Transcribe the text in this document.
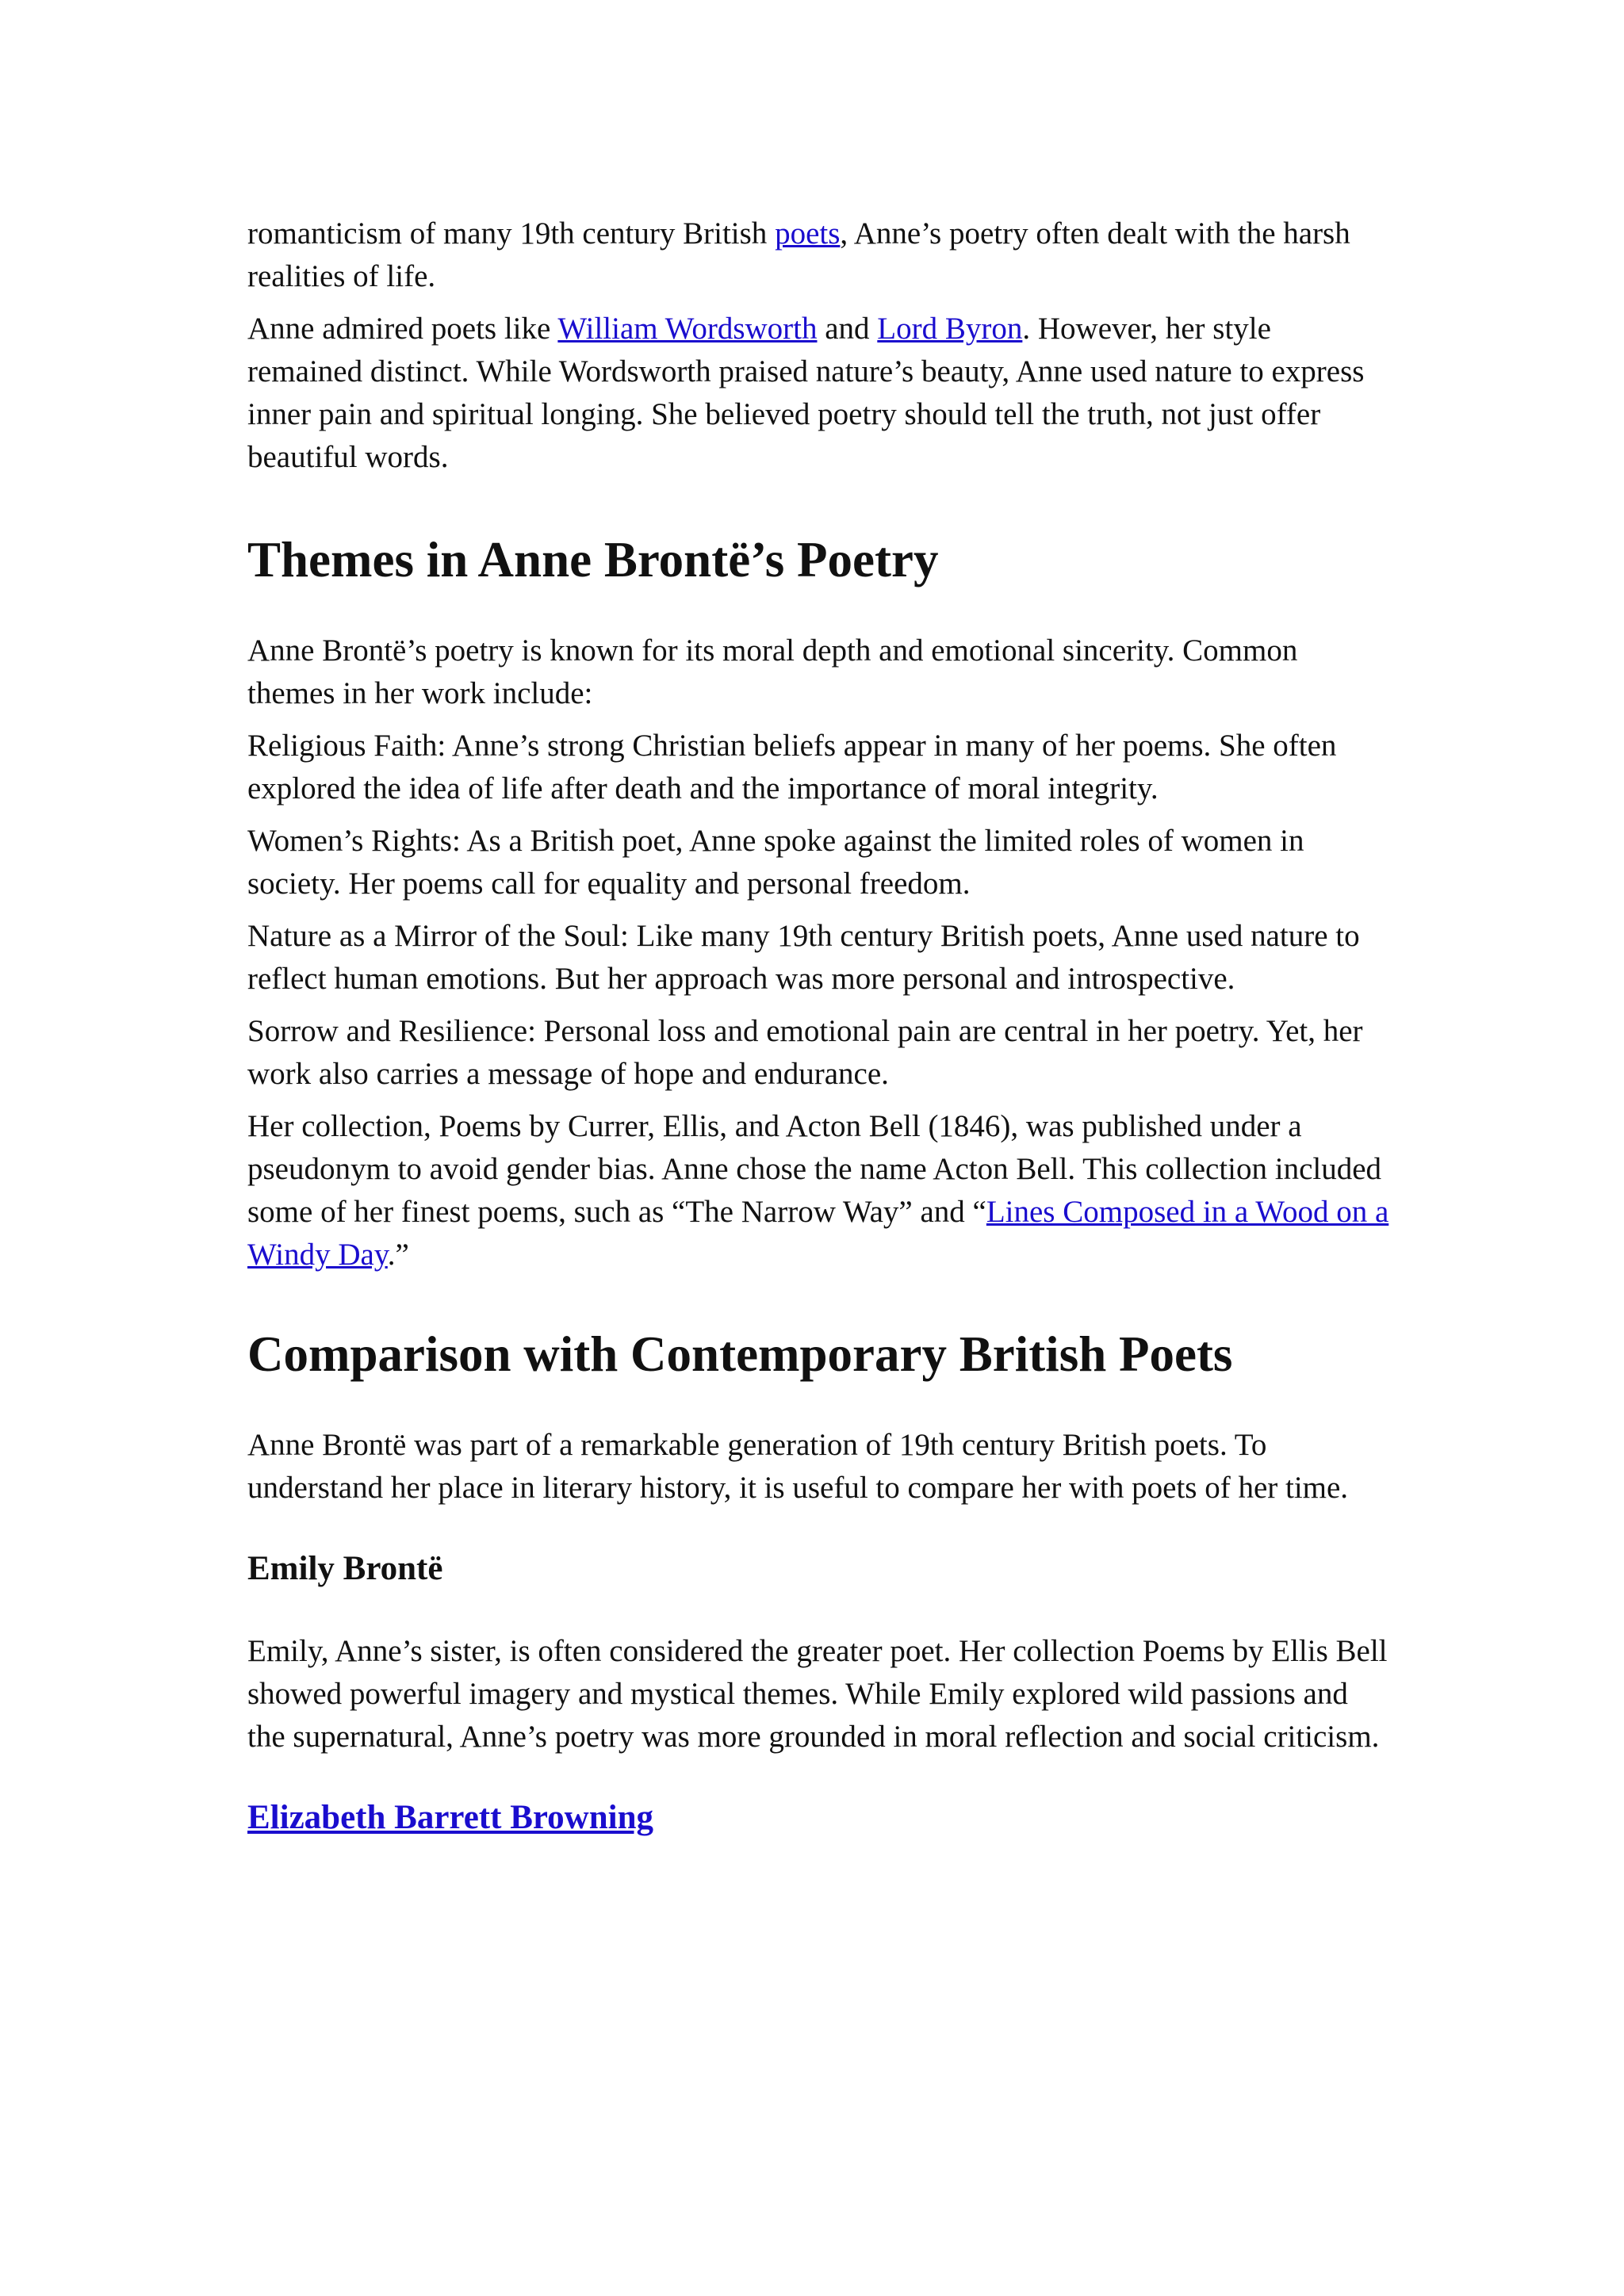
romanticism of many 19th century British poets, Anne’s poetry often dealt with the harsh realities of life.

Anne admired poets like William Wordsworth and Lord Byron. However, her style remained distinct. While Wordsworth praised nature’s beauty, Anne used nature to express inner pain and spiritual longing. She believed poetry should tell the truth, not just offer beautiful words.

Themes in Anne Brontë’s Poetry

Anne Brontë’s poetry is known for its moral depth and emotional sincerity. Common themes in her work include:

Religious Faith: Anne’s strong Christian beliefs appear in many of her poems. She often explored the idea of life after death and the importance of moral integrity.

Women’s Rights: As a British poet, Anne spoke against the limited roles of women in society. Her poems call for equality and personal freedom.

Nature as a Mirror of the Soul: Like many 19th century British poets, Anne used nature to reflect human emotions. But her approach was more personal and introspective.

Sorrow and Resilience: Personal loss and emotional pain are central in her poetry. Yet, her work also carries a message of hope and endurance.

Her collection, Poems by Currer, Ellis, and Acton Bell (1846), was published under a pseudonym to avoid gender bias. Anne chose the name Acton Bell. This collection included some of her finest poems, such as “The Narrow Way” and “Lines Composed in a Wood on a Windy Day.”

Comparison with Contemporary British Poets

Anne Brontë was part of a remarkable generation of 19th century British poets. To understand her place in literary history, it is useful to compare her with poets of her time.

Emily Brontë

Emily, Anne’s sister, is often considered the greater poet. Her collection Poems by Ellis Bell showed powerful imagery and mystical themes. While Emily explored wild passions and the supernatural, Anne’s poetry was more grounded in moral reflection and social criticism.

Elizabeth Barrett Browning
